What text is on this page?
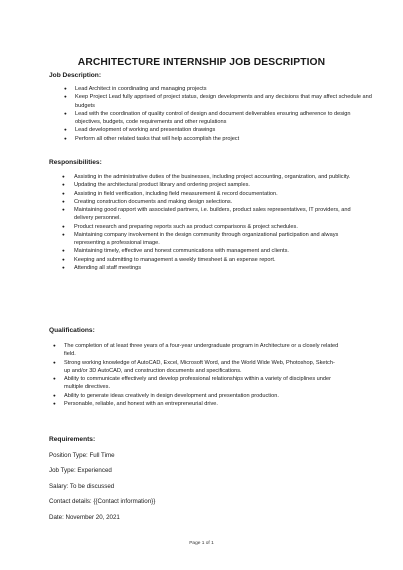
ARCHITECTURE INTERNSHIP JOB DESCRIPTION
Job Description:
● Lead Architect in coordinating and managing projects
● Keep Project Lead fully apprised of project status, design developments and any decisions that may affect schedule and budgets
● Lead with the coordination of quality control of design and document deliverables ensuring adherence to design objectives, budgets, code requirements and other regulations
● Lead development of working and presentation drawings
● Perform all other related tasks that will help accomplish the project
Responsibilities:
● Assisting in the administrative duties of the businesses, including project accounting, organization, and publicity.
● Updating the architectural product library and ordering project samples.
● Assisting in field verification, including field measurement & record documentation.
● Creating construction documents and making design selections.
● Maintaining good rapport with associated partners, i.e. builders, product sales representatives, IT providers, and delivery personnel.
● Product research and preparing reports such as product comparisons & project schedules.
● Maintaining company involvement in the design community through organizational participation and always representing a professional image.
● Maintaining timely, effective and honest communications with management and clients.
● Keeping and submitting to management a weekly timesheet & an expense report.
● Attending all staff meetings
Qualifications:
● The completion of at least three years of a four-year undergraduate program in Architecture or a closely related field.
● Strong working knowledge of AutoCAD, Excel, Microsoft Word, and the World Wide Web, Photoshop, Sketch-up and/or 3D AutoCAD, and construction documents and specifications.
● Ability to communicate effectively and develop professional relationships within a variety of disciplines under multiple directives.
● Ability to generate ideas creatively in design development and presentation production.
● Personable, reliable, and honest with an entrepreneurial drive.
Requirements:
Position Type: Full Time
Job Type: Experienced
Salary: To be discussed
Contact details: {{Contact information}}
Date: November 20, 2021
Page 1 of 1
